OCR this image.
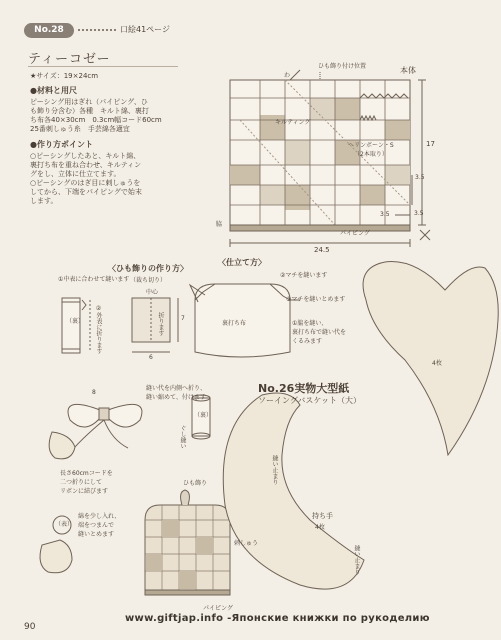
No.28	口絵41ページ
ティーコゼー
★サイズ：19×24cm
●材料と用尺
ピーシング用はぎれ（パイピング、ひ
も飾り分含む）各種　キルト綿、裏打
ち布各40×30cm　0.3cm幅コード60cm
25番刺しゅう糸　手芸綿各適宜
●作り方ポイント
○ピーシングしたあと、キルト綿、
裏打ち布を重ね合わせ、キルティン
グをし、立体に仕立てます。
○ピーシングのはぎ目に刺しゅうを
してから、下端をパイピングで始末
します。
ひも飾り付け位置	本体
わ
キルティング
ヘリンボーン・S
（2本取り）
パイピング
脇
17
24.5
3.5
3.5	3.5
〈ひも飾りの作り方〉
①中表に合わせて縫います
②外表に折ります
（裏）
（裁ち切り）
中心
折ります
6
7
8
縫い代を内側へ折り、
縫い縮めて、付けます
（裏）
ぐし縫い
長さ60cmコードを
二つ折りにして
リボンに結びます
綿を少し入れ、
端をつまんで
縫いとめます
（表）
〈仕立て方〉
②マチを縫います
③マチを縫いとめます
①脇を縫い、
裏打ち布で縫い代を
くるみます
裏打ち布
ひも飾り
刺しゅう
パイピング
No.26実物大型紙
ソーイングバスケット（大）
4枚
持ち手
4枚
縫い止まり
縫い止まり
www.giftjap.info -Японские книжки по рукоделию
90
